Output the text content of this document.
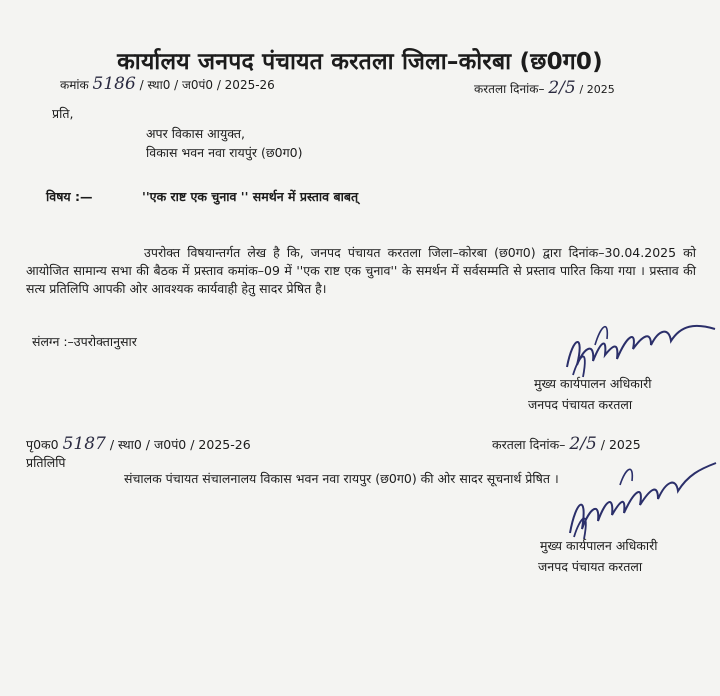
कार्यालय जनपद पंचायत करतला जिला–कोरबा (छ0ग0)
कमांक 5186 / स्था0 / ज0पं0 / 2025-26	करतला दिनांक– 2/5 / 2025
प्रति,
अपर विकास आयुक्त,
विकास भवन नवा रायपुंर (छ0ग0)
विषय :—	''एक राष्ट एक चुनाव '' समर्थन में प्रस्ताव बाबत्
उपरोक्त विषयान्तर्गत लेख है कि, जनपद पंचायत करतला जिला–कोरबा (छ0ग0) द्वारा दिनांक–30.04.2025 को आयोजित सामान्य सभा की बैठक में प्रस्ताव कमांक–09 में ''एक राष्ट एक चुनाव'' के समर्थन में सर्वसम्मति से प्रस्ताव पारित किया गया । प्रस्ताव की सत्य प्रतिलिपि आपकी ओर आवश्यक कार्यवाही हेतु सादर प्रेषित है।
संलग्न :–उपरोक्तानुसार
मुख्य कार्यपालन अधिकारी
जनपद पंचायत करतला
पृ0क0 5187 / स्था0 / ज0पं0 / 2025-26	करतला दिनांक– 2/5 / 2025
प्रतिलिपि
संचालक पंचायत संचालनालय विकास भवन नवा रायपुर (छ0ग0) की ओर सादर सूचनार्थ प्रेषित ।
मुख्य कार्यपालन अधिकारी
जनपद पंचायत करतला
